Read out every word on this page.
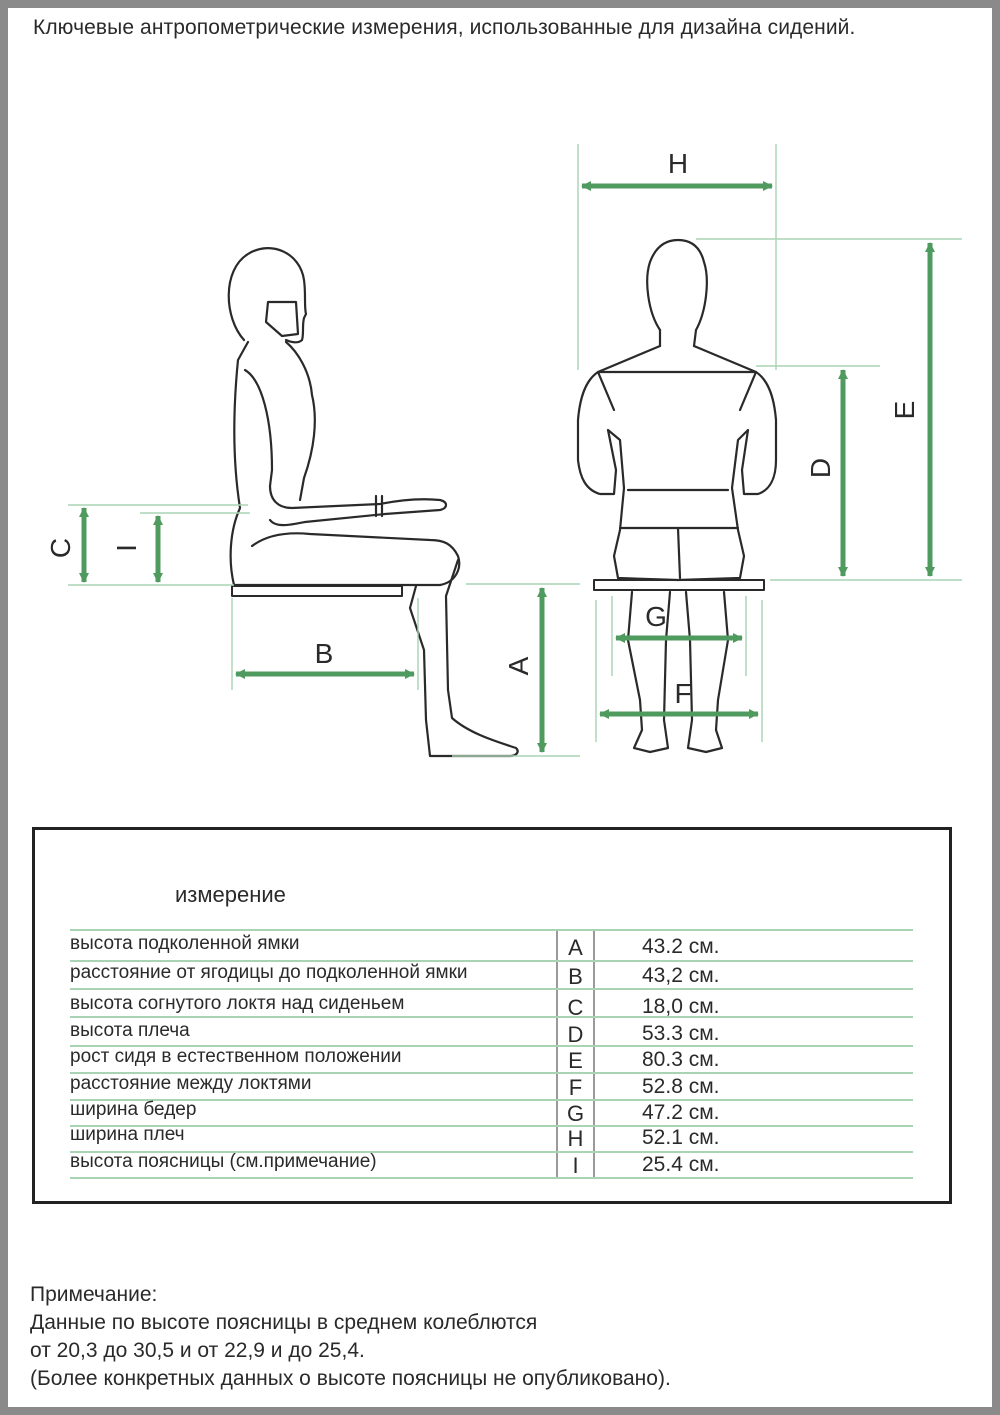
Ключевые антропометрические измерения, использованные для дизайна сидений.
C I
B	A
H
E
D
G
F
измерение
высота подколенной ямки	A	43.2 см.
расстояние от ягодицы до подколенной ямки	B	43,2 см.
высота согнутого локтя над сиденьем	C	18,0 см.
высота плеча	D	53.3 см.
рост сидя в естественном положении	E	80.3 см.
расстояние между локтями	F	52.8 см.
ширина бедер	G	47.2 см.
ширина плеч	H	52.1 см.
высота поясницы (см.примечание)	I	25.4 см.
Примечание:
Данные по высоте поясницы в среднем колеблются
от 20,3 до 30,5 и от 22,9 и до 25,4.
(Более конкретных данных о высоте поясницы не опубликовано).
